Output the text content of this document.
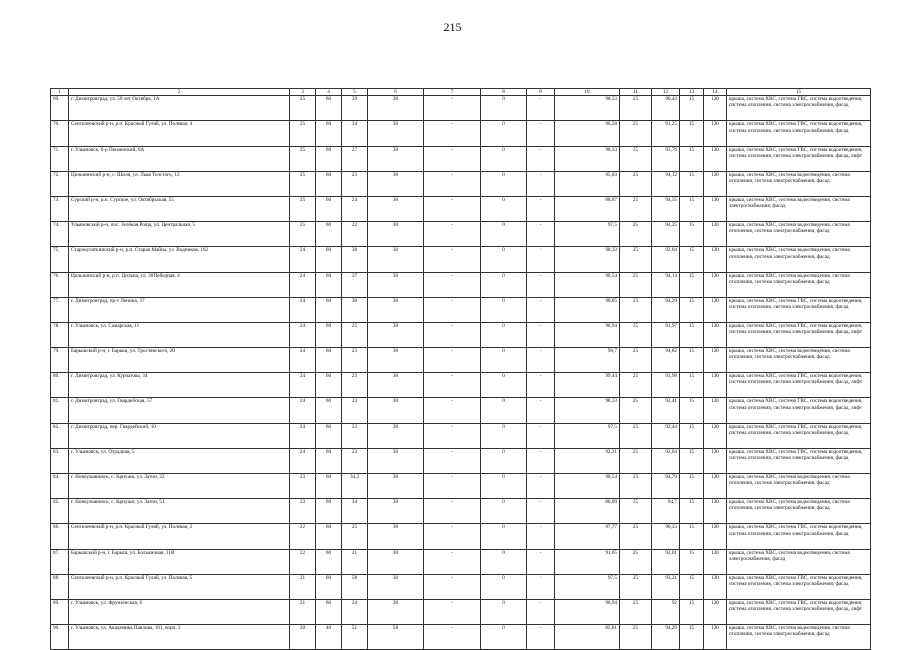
215
1	2	3	4	5	6	7	8	9	10	11	12	13	14	15
69.	г. Димитровград, ул. 50 лет Октября, 1А	25	60	39	30	-	0	-	98,33	25	90,43	15	130	крыша, система ХВС, система ГВС, система водоотведения, система отопления, система электроснабжения, фасад
70.	Сенгилеевский р-н, р.п. Красный Гуляй, ул. Полевая, 4	25	60	34	30	-	0	-	96,58	25	91,25	15	130	крыша, система ХВС, система ГВС, система водоотведения, система отопления, система электроснабжения, фасад
71.	г. Ульяновск, б-р Пензенский, 8А	25	60	27	30	-	0	-	98,33	25	93,76	15	130	крыша, система ХВС, система ГВС, система водоотведения, система отопления, система электроснабжения, фасад, лифт
72.	Цильнинский р-н, с. Шиля, ул. Льва Толстого, 12	25	60	23	30	-	0	-	95,83	25	94,12	15	130	крыша, система ХВС, система водоотведения, система отопления, система электроснабжения, фасад
73.	Сурский р-н, р.п. Сурское, ул. Октябрьская, 55	25	60	24	30	-	0	-	88,87	25	94,55	15	130	крыша, система ХВС, система водоотведения, система электроснабжения, фасад
74.	Ульяновский р-н, пос. Зелёная Роща, ул. Центральная, 5	25	60	22	30	-	0	-	97,5	25	94,25	15	130	крыша, система ХВС, система водоотведения, система отопления, система электроснабжения, фасад
75.	Старокулаткинский р-н, р.п. Старая Майна, ул. Водников, 102	24	60	38	30	-	0	-	98,33	25	92,04	15	130	крыша, система ХВС, система водоотведения, система отопления, система электроснабжения, фасад
76.	Цильнинский р-н, р.п. Цильна, ул. 30Победная, 4	24	60	37	30	-	0	-	90,54	25	94,14	15	130	крыша, система ХВС, система водоотведения, система отопления, система электроснабжения, фасад
77.	г. Димитровград, пр-т Ленина, 37	24	60	30	30	-	0	-	98,05	25	94,39	15	130	крыша, система ХВС, система ГВС, система водоотведения, система отопления, система электроснабжения, фасад
78.	г. Ульяновск, ул. Самарская, 11	24	60	25	30	-	0	-	96,94	25	91,97	15	130	крыша, система ХВС, система ГВС, система водоотведения, система отопления, система электроснабжения, фасад, лифт
79.	Барышский р-н, г. Барыш, ул. Тростянского, 20	24	60	23	30	-	0	-	96,7	25	94,82	15	130	крыша, система ХВС, система водоотведения, система отопления, система электроснабжения, фасад
80.	г. Димитровград, ул. Курчатова, 34	24	60	23	30	-	0	-	99,44	25	91,98	15	130	крыша, система ХВС, система ГВС, система водоотведения, система отопления, система электроснабжения, фасад, лифт
81.	г. Димитровград, ул. Гвардейская, 57	24	60	23	30	-	0	-	98,33	25	92,41	15	130	крыша, система ХВС, система ГВС, система водоотведения, система отопления, система электроснабжения, фасад, лифт
82.	г. Димитровград, пер. Гвардейский, 10	24	60	23	30	-	0	-	97,5	25	92,44	15	130	крыша, система ХВС, система ГВС, система водоотведения, система отопления, система электроснабжения, фасад
83.	г. Ульяновск, ул. Отрадная, 5	24	60	23	30	-	0	-	92,21	25	92,04	15	130	крыша, система ХВС, система ГВС, система водоотведения, система отопления, система электроснабжения, фасад
84.	г. Новоульяновск, с. Криуши, ул. Затон, 22	23	60	34,2	30	-	0	-	90,54	25	94,79	15	130	крыша, система ХВС, система водоотведения, система отопления, система электроснабжения, фасад
85.	г. Новоульяновск, с. Криуши, ул. Затон, 51	23	60	34	30	-	0	-	86,09	25	94,7	15	130	крыша, система ХВС, система водоотведения, система отопления, система электроснабжения, фасад
86.	Сенгилеевский р-н, р.п. Красный Гуляй, ул. Полевая, 2	22	60	25	30	-	0	-	97,77	25	90,33	15	130	крыша, система ХВС, система ГВС, система водоотведения, система отопления, система электроснабжения, фасад
87.	Барышский р-н, г. Барыш, ул. Больничная, 11В	22	60	21	30	-	0	-	91,65	25	92,01	15	130	крыша, система ХВС, система водоотведения, система электроснабжения, фасад
88.	Сенгилеевский р-н, р.п. Красный Гуляй, ул. Полевая, 5	21	60	58	30	-	0	-	97,5	25	93,21	15	130	крыша, система ХВС, система ГВС, система водоотведения, система отопления, система электроснабжения, фасад
89.	г. Ульяновск, ул. Фрунзенская, 6	21	60	24	30	-	0	-	96,94	25	92	15	130	крыша, система ХВС, система ГВС, система водоотведения, система отопления, система электроснабжения, фасад, лифт
90.	г. Ульяновск, ул. Академика Павлова, 101, корп. 3	20	40	51	58	-	0	-	85,81	25	94,29	15	130	крыша, система ХВС, система водоотведения, система отопления, система электроснабжения, фасад
